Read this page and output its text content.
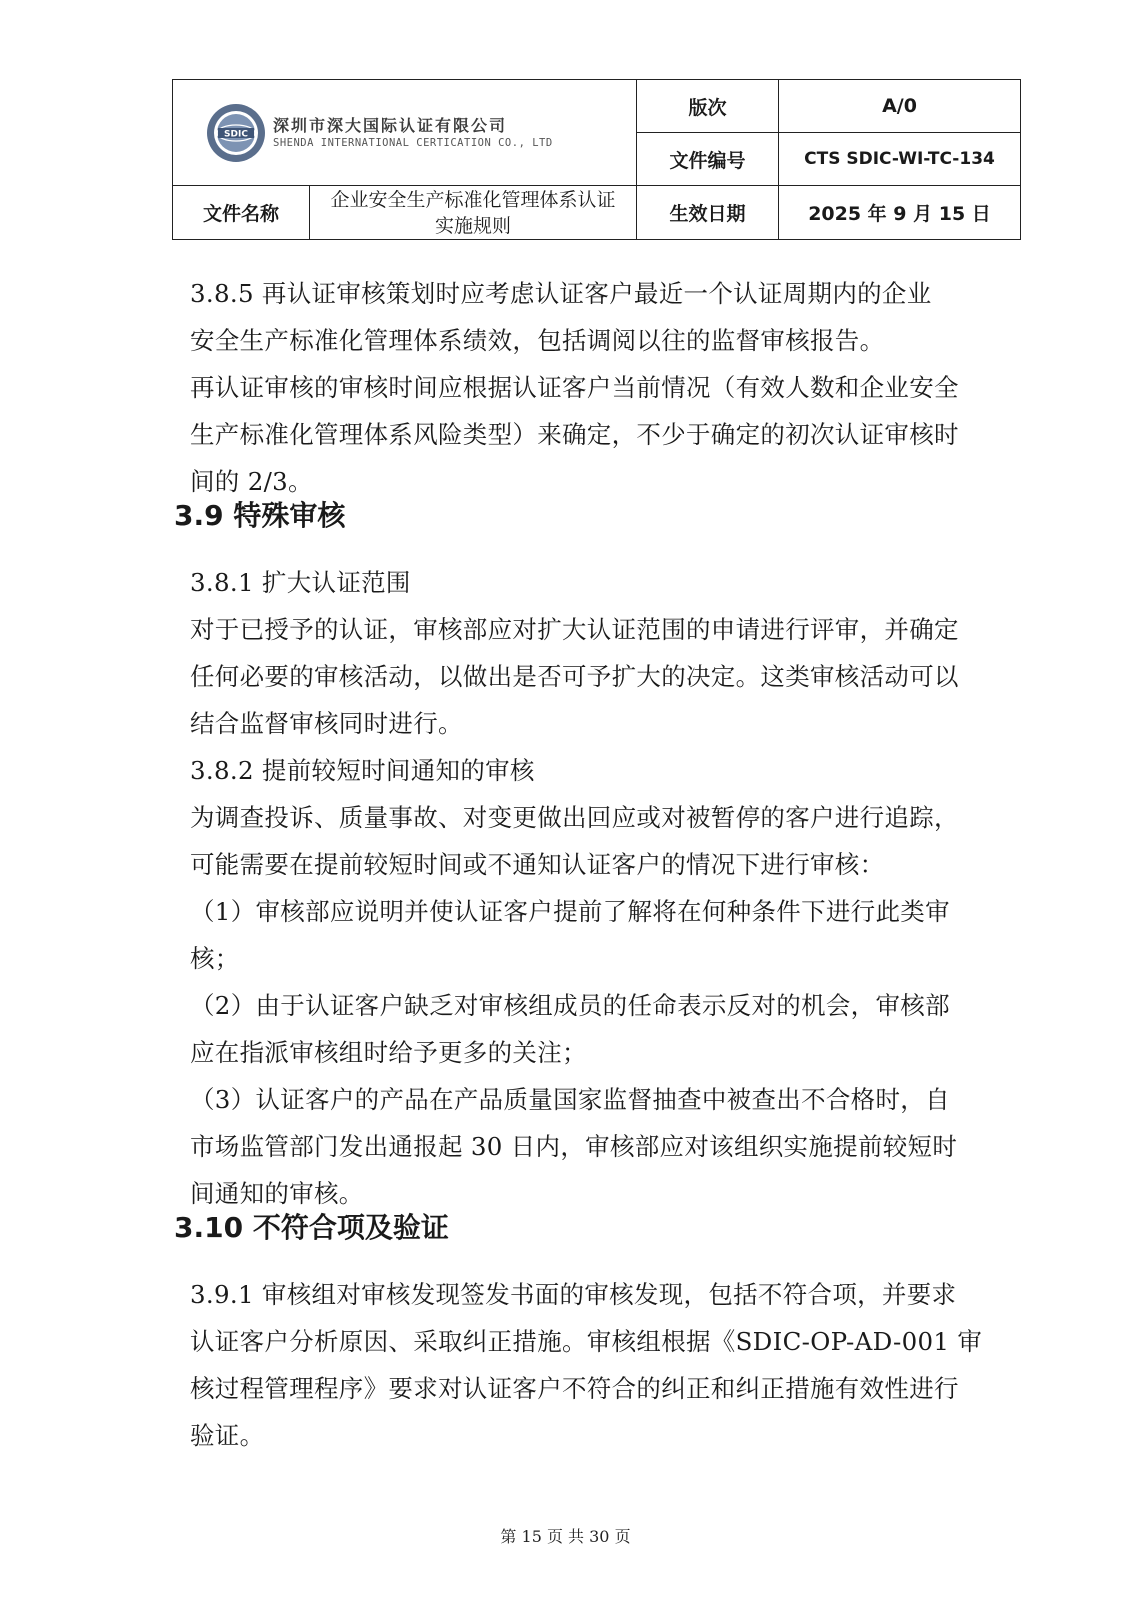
SDIC 深圳市深大国际认证有限公司
SHENDA INTERNATIONAL CERTICATION CO., LTD		版次	A/0
		文件编号	CTS SDIC-WI-TC-134
文件名称	企业安全生产标准化管理体系认证实施规则	生效日期	2025 年 9 月 15 日
3.8.5 再认证审核策划时应考虑认证客户最近一个认证周期内的企业
安全生产标准化管理体系绩效，包括调阅以往的监督审核报告。
再认证审核的审核时间应根据认证客户当前情况（有效人数和企业安全
生产标准化管理体系风险类型）来确定，不少于确定的初次认证审核时
间的 2/3。
3.9 特殊审核
3.8.1 扩大认证范围
对于已授予的认证，审核部应对扩大认证范围的申请进行评审，并确定
任何必要的审核活动，以做出是否可予扩大的决定。这类审核活动可以
结合监督审核同时进行。
3.8.2 提前较短时间通知的审核
为调查投诉、质量事故、对变更做出回应或对被暂停的客户进行追踪，
可能需要在提前较短时间或不通知认证客户的情况下进行审核：
（1）审核部应说明并使认证客户提前了解将在何种条件下进行此类审
核；
（2）由于认证客户缺乏对审核组成员的任命表示反对的机会，审核部
应在指派审核组时给予更多的关注；
（3）认证客户的产品在产品质量国家监督抽查中被查出不合格时，自
市场监管部门发出通报起 30 日内，审核部应对该组织实施提前较短时
间通知的审核。
3.10 不符合项及验证
3.9.1 审核组对审核发现签发书面的审核发现，包括不符合项，并要求
认证客户分析原因、采取纠正措施。审核组根据《SDIC-OP-AD-001 审
核过程管理程序》要求对认证客户不符合的纠正和纠正措施有效性进行
验证。
第 15 页 共 30 页
